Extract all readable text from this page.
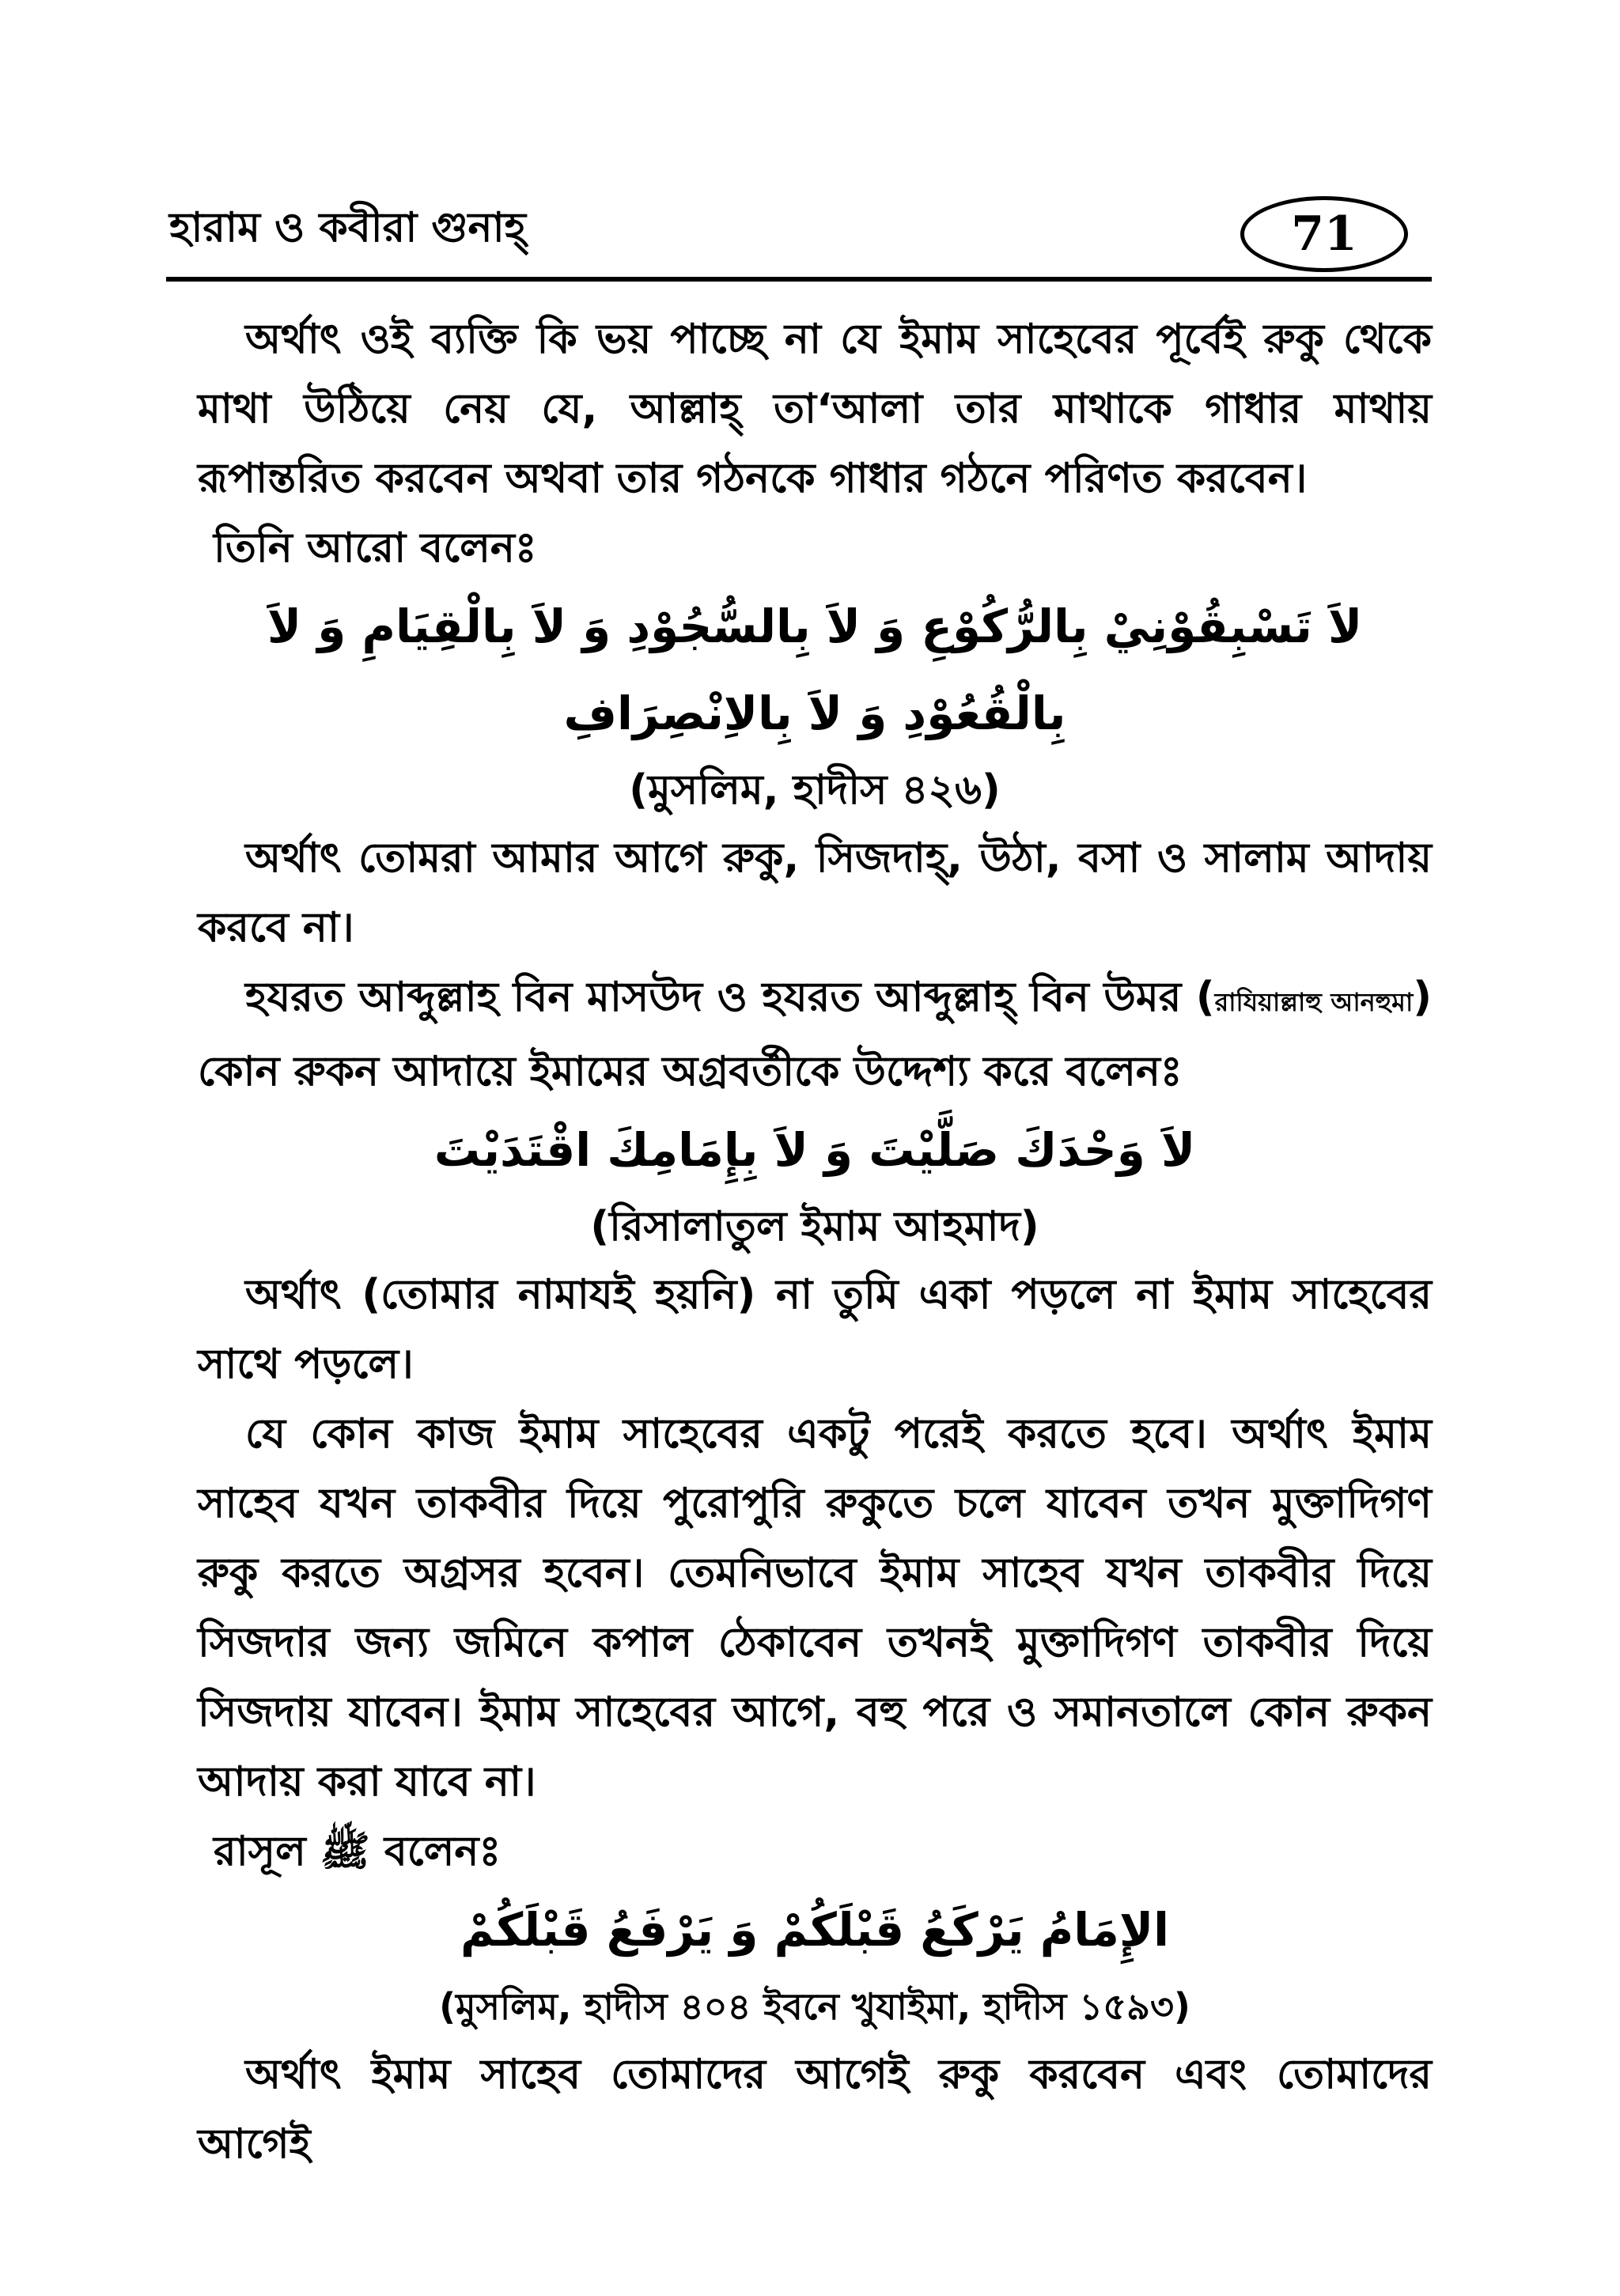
হারাম ও কবীরা গুনাহ্	71

অর্থাৎ ওই ব্যক্তি কি ভয় পাচ্ছে না যে ইমাম সাহেবের পূর্বেই রুকু থেকে মাথা উঠিয়ে নেয় যে, আল্লাহ্ তা‘আলা তার মাথাকে গাধার মাথায় রূপান্তরিত করবেন অথবা তার গঠনকে গাধার গঠনে পরিণত করবেন।

তিনি আরো বলেনঃ

لاَ تَسْبِقُوْنِيْ بِالرُّكُوْعِ وَ لاَ بِالسُّجُوْدِ وَ لاَ بِالْقِيَامِ وَ لاَ بِالْقُعُوْدِ وَ لاَ بِالاِنْصِرَافِ

(মুসলিম, হাদীস ৪২৬)

অর্থাৎ তোমরা আমার আগে রুকু, সিজদাহ্, উঠা, বসা ও সালাম আদায় করবে না।

হযরত আব্দুল্লাহ বিন মাসউদ ও হযরত আব্দুল্লাহ্ বিন উমর (রাযিয়াল্লাহু আনহুমা) কোন রুকন আদায়ে ইমামের অগ্রবর্তীকে উদ্দেশ্য করে বলেনঃ

لاَ وَحْدَكَ صَلَّيْتَ وَ لاَ بِإِمَامِكَ اقْتَدَيْتَ

(রিসালাতুল ইমাম আহমাদ)

অর্থাৎ (তোমার নামাযই হয়নি) না তুমি একা পড়লে না ইমাম সাহেবের সাথে পড়লে।

যে কোন কাজ ইমাম সাহেবের একটু পরেই করতে হবে। অর্থাৎ ইমাম সাহেব যখন তাকবীর দিয়ে পুরোপুরি রুকুতে চলে যাবেন তখন মুক্তাদিগণ রুকু করতে অগ্রসর হবেন। তেমনিভাবে ইমাম সাহেব যখন তাকবীর দিয়ে সিজদার জন্য জমিনে কপাল ঠেকাবেন তখনই মুক্তাদিগণ তাকবীর দিয়ে সিজদায় যাবেন। ইমাম সাহেবের আগে, বহু পরে ও সমানতালে কোন রুকন আদায় করা যাবে না।

রাসূল ﷺ বলেনঃ

الإِمَامُ يَرْكَعُ قَبْلَكُمْ وَ يَرْفَعُ قَبْلَكُمْ

(মুসলিম, হাদীস ৪০৪ ইবনে খুযাইমা, হাদীস ১৫৯৩)

অর্থাৎ ইমাম সাহেব তোমাদের আগেই রুকু করবেন এবং তোমাদের আগেই
